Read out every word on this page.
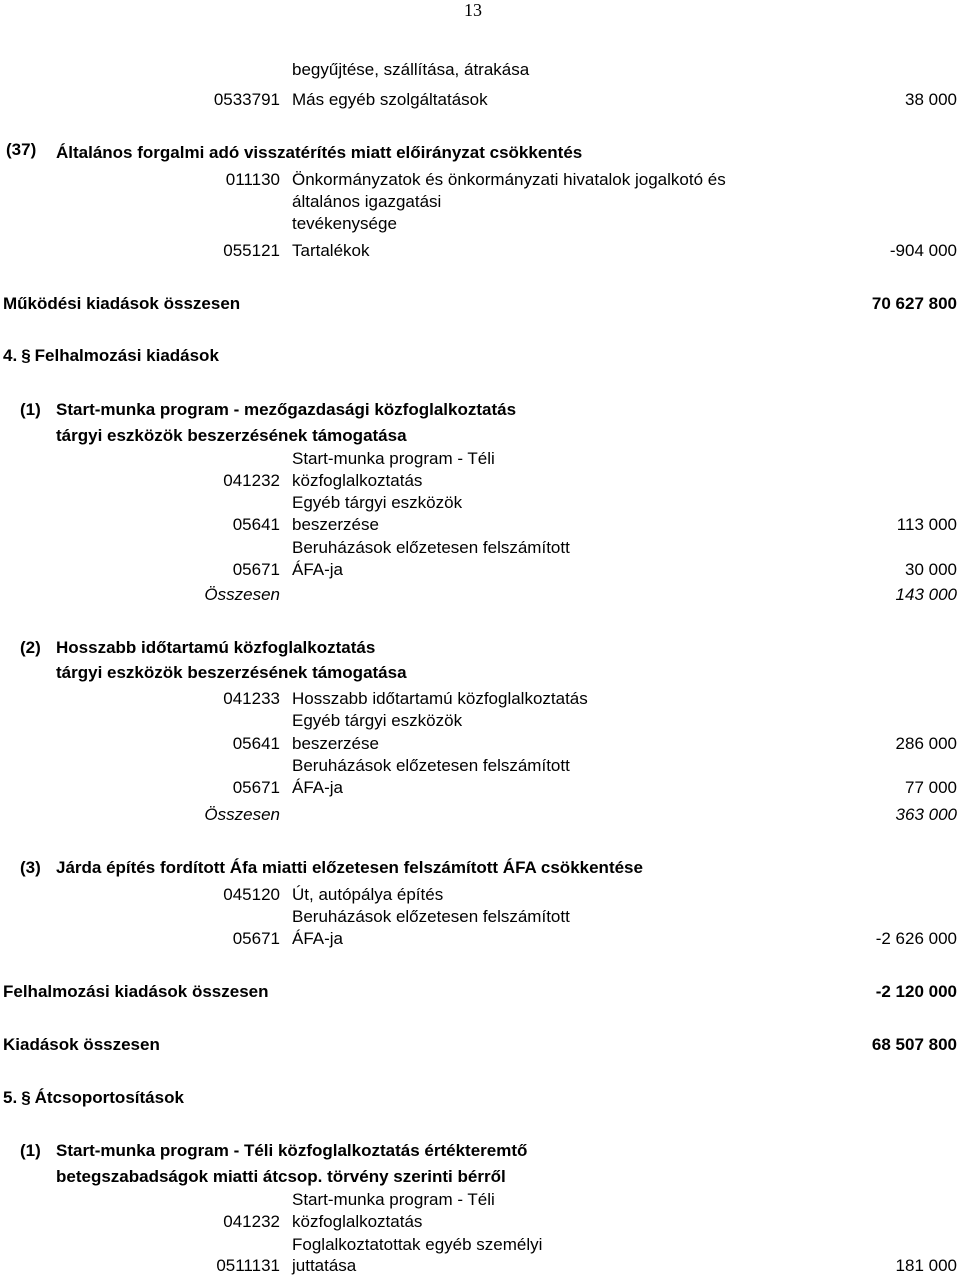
13
begyűjtése, szállítása, átrakása
0533791 Más egyéb szolgáltatások	38 000
(37) Általános forgalmi adó visszatérítés miatt előirányzat csökkentés
011130 Önkormányzatok és önkormányzati hivatalok jogalkotó és
általános igazgatási
tevékenysége
055121 Tartalékok	-904 000
Működési kiadások összesen	70 627 800
4. § Felhalmozási kiadások
(1) Start-munka program - mezőgazdasági közfoglalkoztatás
tárgyi eszközök beszerzésének támogatása
Start-munka program - Téli
041232 közfoglalkoztatás
Egyéb tárgyi eszközök
05641 beszerzése	113 000
Beruházások előzetesen felszámított
05671 ÁFA-ja	30 000
Összesen	143 000
(2) Hosszabb időtartamú közfoglalkoztatás
tárgyi eszközök beszerzésének támogatása
041233 Hosszabb időtartamú közfoglalkoztatás
Egyéb tárgyi eszközök
05641 beszerzése	286 000
Beruházások előzetesen felszámított
05671 ÁFA-ja	77 000
Összesen	363 000
(3) Járda építés fordított Áfa miatti előzetesen felszámított ÁFA csökkentése
045120 Út, autópálya építés
Beruházások előzetesen felszámított
05671 ÁFA-ja	-2 626 000
Felhalmozási kiadások összesen	-2 120 000
Kiadások összesen	68 507 800
5. § Átcsoportosítások
(1) Start-munka program - Téli közfoglalkoztatás értékteremtő
betegszabadságok miatti átcsop. törvény szerinti bérről
Start-munka program - Téli
041232 közfoglalkoztatás
Foglalkoztatottak egyéb személyi
0511131 juttatása	181 000
